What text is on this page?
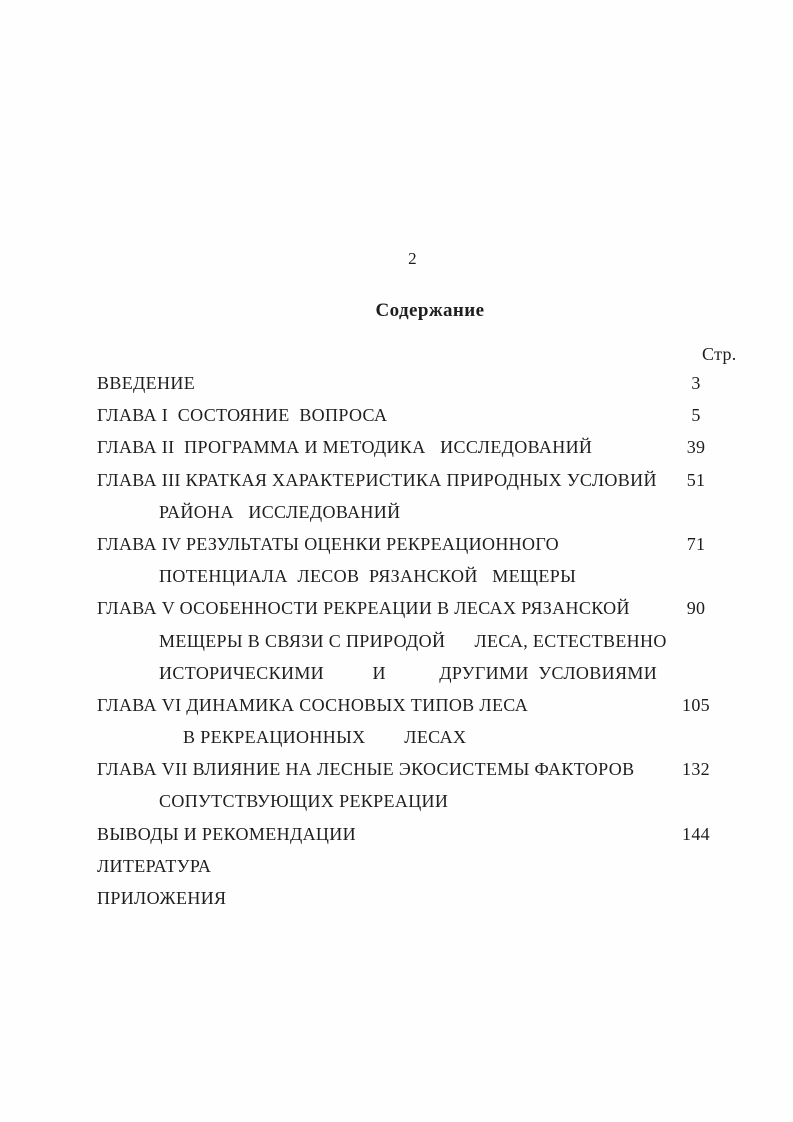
2
Содержание
Стр.
ВВЕДЕНИЕ	3
ГЛАВА I  СОСТОЯНИЕ  ВОПРОСА	5
ГЛАВА II  ПРОГРАММА И МЕТОДИКА   ИССЛЕДОВАНИЙ	39
ГЛАВА III КРАТКАЯ ХАРАКТЕРИСТИКА ПРИРОДНЫХ УСЛОВИЙ	51
РАЙОНА   ИССЛЕДОВАНИЙ
ГЛАВА IV РЕЗУЛЬТАТЫ ОЦЕНКИ РЕКРЕАЦИОННОГО	71
ПОТЕНЦИАЛА  ЛЕСОВ  РЯЗАНСКОЙ   МЕЩЕРЫ
ГЛАВА V ОСОБЕННОСТИ РЕКРЕАЦИИ В ЛЕСАХ РЯЗАНСКОЙ	90
МЕЩЕРЫ В СВЯЗИ С ПРИРОДОЙ      ЛЕСА, ЕСТЕСТВЕННО
ИСТОРИЧЕСКИМИ          И           ДРУГИМИ  УСЛОВИЯМИ
ГЛАВА VI ДИНАМИКА СОСНОВЫХ ТИПОВ ЛЕСА	105
В РЕКРЕАЦИОННЫХ        ЛЕСАХ
ГЛАВА VII ВЛИЯНИЕ НА ЛЕСНЫЕ ЭКОСИСТЕМЫ ФАКТОРОВ	132
СОПУТСТВУЮЩИХ РЕКРЕАЦИИ
ВЫВОДЫ И РЕКОМЕНДАЦИИ	144
ЛИТЕРАТУРА
ПРИЛОЖЕНИЯ
